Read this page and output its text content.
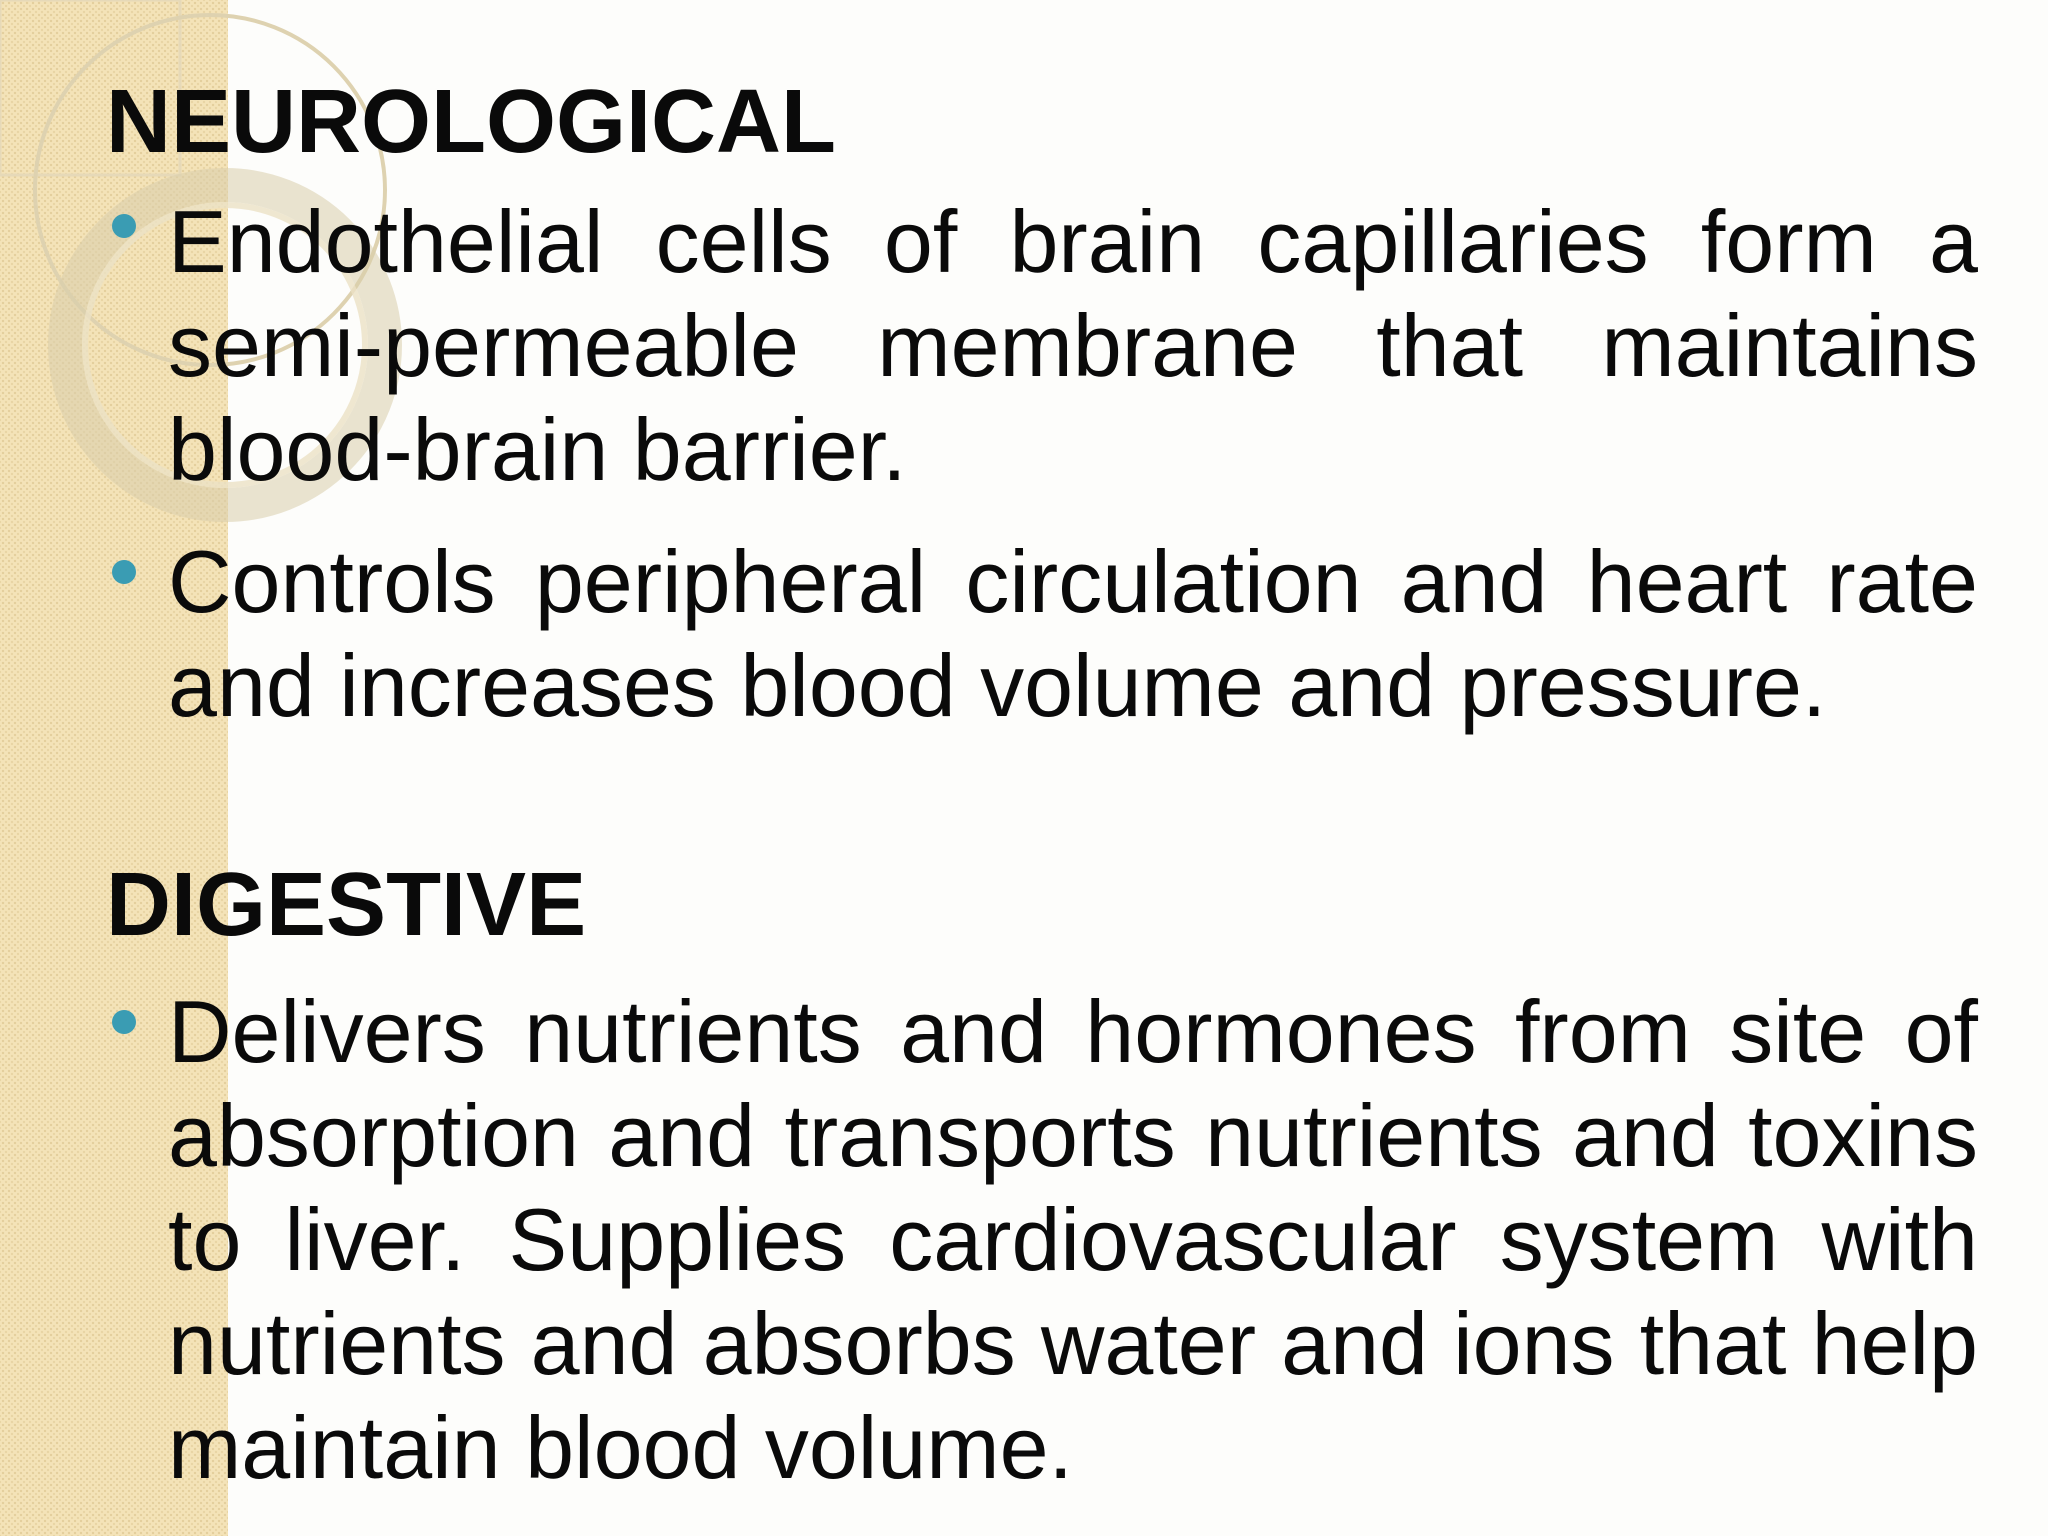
NEUROLOGICAL

Endothelial cells of brain capillaries form a semi-permeable membrane that maintains blood-brain barrier.

Controls peripheral circulation and heart rate and increases blood volume and pressure.

DIGESTIVE

Delivers nutrients and hormones from site of absorption and transports nutrients and toxins to liver. Supplies cardiovascular system with nutrients and absorbs water and ions that help maintain blood volume.
